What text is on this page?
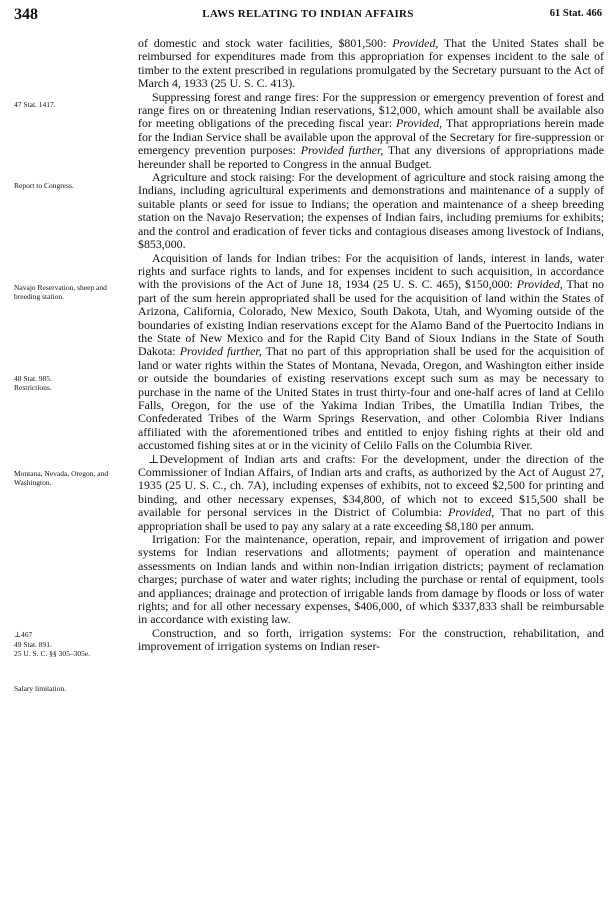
348	LAWS RELATING TO INDIAN AFFAIRS	61 Stat. 466
47 Stat. 1417.
Report to Congress.
Navajo Reservation, sheep and breeding station.
48 Stat. 985.
Restrictions.
Montana, Nevada, Oregon, and Washington.
⊥467
49 Stat. 891.
25 U. S. C. §§ 305–305e.
Salary limitation.

of domestic and stock water facilities, $801,500: Provided, That the United States shall be reimbursed for expenditures made from this appropriation for expenses incident to the sale of timber to the extent prescribed in regulations promulgated by the Secretary pursuant to the Act of March 4, 1933 (25 U. S. C. 413).

Suppressing forest and range fires: For the suppression or emergency prevention of forest and range fires on or threatening Indian reservations, $12,000, which amount shall be available also for meeting obligations of the preceding fiscal year: Provided, That appropriations herein made for the Indian Service shall be available upon the approval of the Secretary for fire-suppression or emergency prevention purposes: Provided further, That any diversions of appropriations made hereunder shall be reported to Congress in the annual Budget.

Agriculture and stock raising: For the development of agriculture and stock raising among the Indians, including agricultural experiments and demonstrations and maintenance of a supply of suitable plants or seed for issue to Indians; the operation and maintenance of a sheep breeding station on the Navajo Reservation; the expenses of Indian fairs, including premiums for exhibits; and the control and eradication of fever ticks and contagious diseases among livestock of Indians, $853,000.

Acquisition of lands for Indian tribes: For the acquisition of lands, interest in lands, water rights and surface rights to lands, and for expenses incident to such acquisition, in accordance with the provisions of the Act of June 18, 1934 (25 U. S. C. 465), $150,000: Provided, That no part of the sum herein appropriated shall be used for the acquisition of land within the States of Arizona, California, Colorado, New Mexico, South Dakota, Utah, and Wyoming outside of the boundaries of existing Indian reservations except for the Alamo Band of the Puertocito Indians in the State of New Mexico and for the Rapid City Band of Sioux Indians in the State of South Dakota: Provided further, That no part of this appropriation shall be used for the acquisition of land or water rights within the States of Montana, Nevada, Oregon, and Washington either inside or outside the boundaries of existing reservations except such sum as may be necessary to purchase in the name of the United States in trust thirty-four and one-half acres of land at Celilo Falls, Oregon, for the use of the Yakima Indian Tribes, the Umatilla Indian Tribes, the Confederated Tribes of the Warm Springs Reservation, and other Colombia River Indians affiliated with the aforementioned tribes and entitled to enjoy fishing rights at their old and accustomed fishing sites at or in the vicinity of Celilo Falls on the Columbia River.

⊥Development of Indian arts and crafts: For the development, under the direction of the Commissioner of Indian Affairs, of Indian arts and crafts, as authorized by the Act of August 27, 1935 (25 U. S. C., ch. 7A), including expenses of exhibits, not to exceed $2,500 for printing and binding, and other necessary expenses, $34,800, of which not to exceed $15,500 shall be available for personal services in the District of Columbia: Provided, That no part of this appropriation shall be used to pay any salary at a rate exceeding $8,180 per annum.

Irrigation: For the maintenance, operation, repair, and improvement of irrigation and power systems for Indian reservations and allotments; payment of operation and maintenance assessments on Indian lands and within non-Indian irrigation districts; payment of reclamation charges; purchase of water and water rights; including the purchase or rental of equipment, tools and appliances; drainage and protection of irrigable lands from damage by floods or loss of water rights; and for all other necessary expenses, $406,000, of which $337,833 shall be reimbursable in accordance with existing law.

Construction, and so forth, irrigation systems: For the construction, rehabilitation, and improvement of irrigation systems on Indian reser-
